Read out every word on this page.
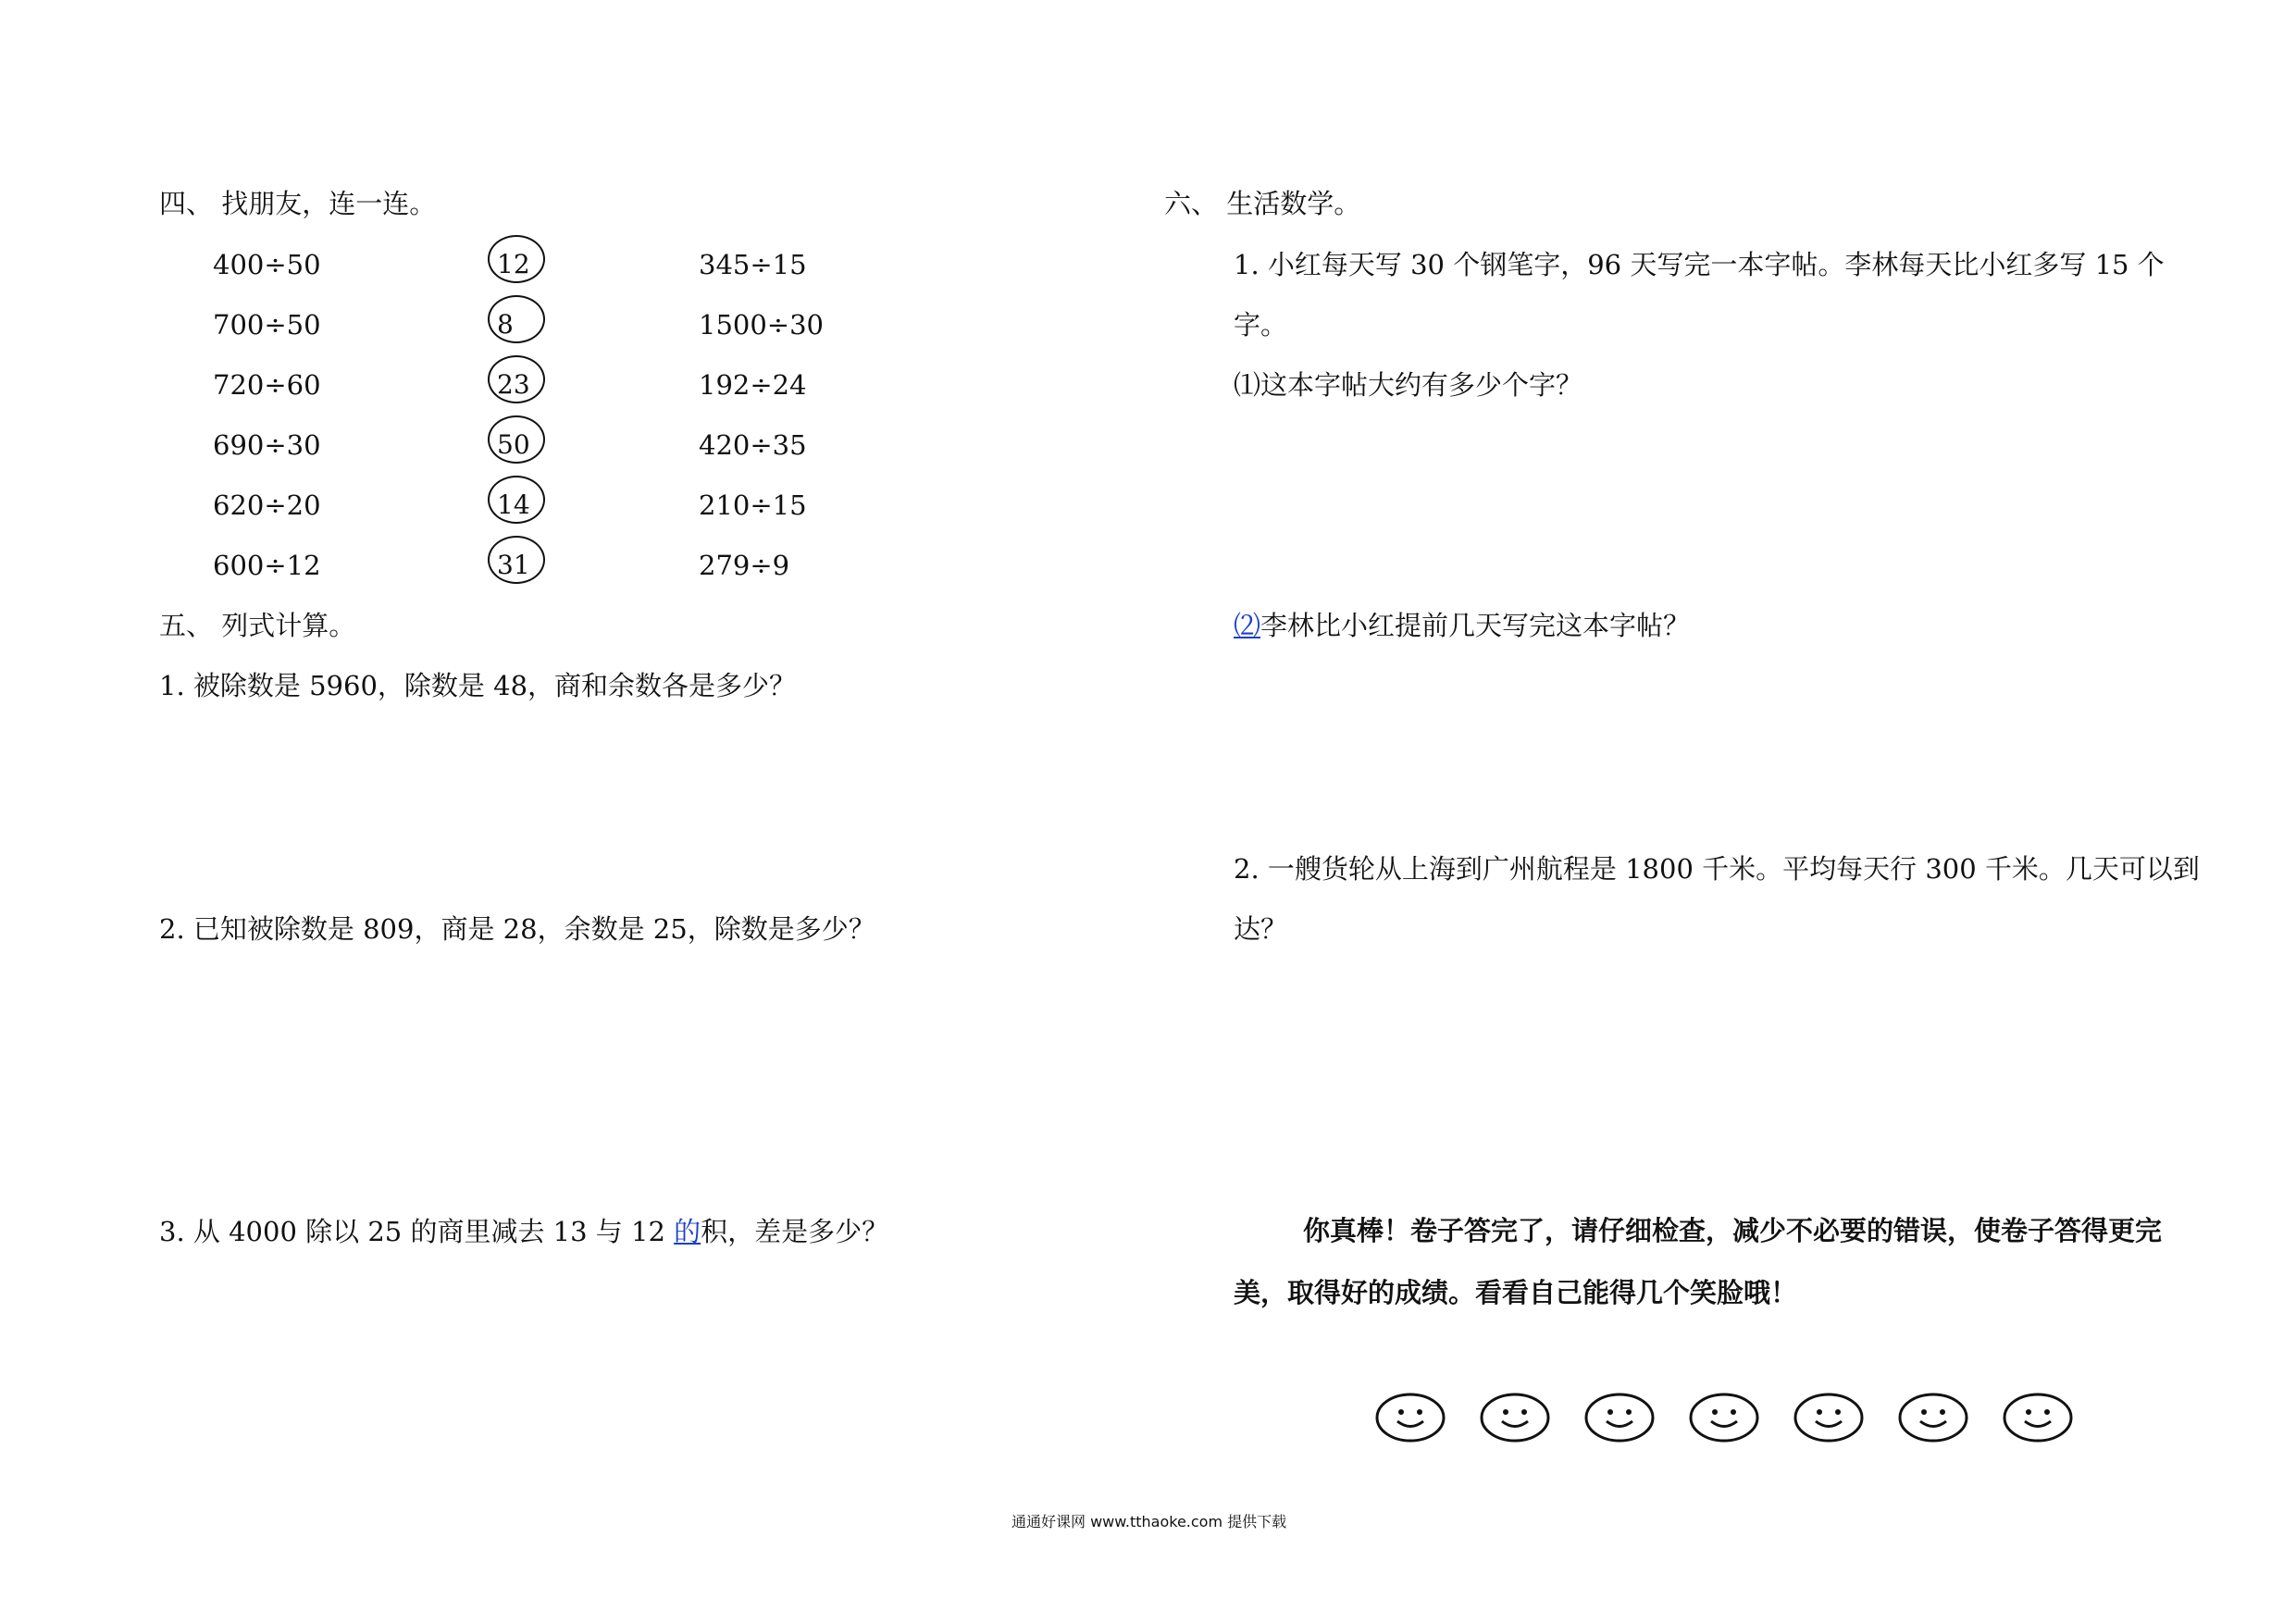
四、 找朋友，连一连。
400÷50
700÷50
720÷60
690÷30
620÷20
600÷12
12
8
23
50
14
31
345÷15
1500÷30
192÷24
420÷35
210÷15
279÷9
五、 列式计算。
1. 被除数是 5960，除数是 48，商和余数各是多少？
2. 已知被除数是 809，商是 28，余数是 25，除数是多少？
3. 从 4000 除以 25 的商里减去 13 与 12 的积，差是多少？
六、 生活数学。
1. 小红每天写 30 个钢笔字，96 天写完一本字帖。李林每天比小红多写 15 个
字。
⑴这本字帖大约有多少个字？
⑵李林比小红提前几天写完这本字帖？
2. 一艘货轮从上海到广州航程是 1800 千米。平均每天行 300 千米。几天可以到
达？
你真棒！卷子答完了，请仔细检查，减少不必要的错误，使卷子答得更完
美，取得好的成绩。看看自己能得几个笑脸哦！
通通好课网 www.tthaoke.com 提供下载
